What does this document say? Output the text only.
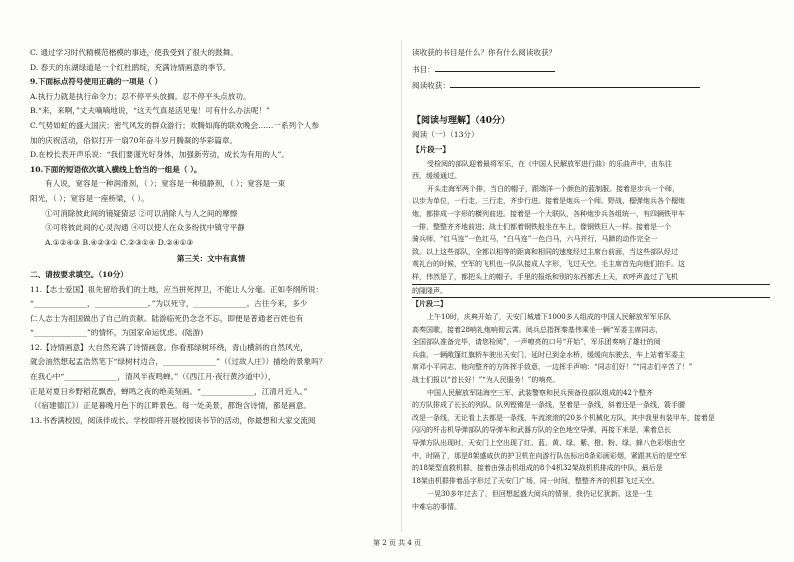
C. 通过学习时代精模范楷模的事迹，使我受到了很大的鼓舞。
D. 春天的东湖绿道是一个红杜鹃绽，充满诗情画意的季节。
9.下面标点符号使用正确的一项是（ ）
A.执行力就是执行命令力；忍不停平头放搁。忍不停平头点放功。
B.“来，来啊，”丈夫嘀嘀地说，“这天气真是活见鬼！可有什么办法呢！”
C.气势如虹的盛大国庆；密气风发的群众游行；欢腾如海的联欢晚会……一系列个人参
加的庆祝活动，俗似打开一扇70年奋斗岁月腾凝的华彩篇章。
D.在校长表开声乐说：“我们要谨光好身体，加强新劳动，成长为有用的人”。
10.下面的短语依次填入横线上恰当的一组是（ ）。
有人说，宽容是一种润滑剂，（ ）；宽容是一种镇静剂，（ ）；宽容是一束
阳光，（ ）；宽容是一座桥梁，（ ）。
①可消除彼此间的镜疑猜忌 ②可以消除人与人之间的摩擦
③可将彼此间的心灵沟通 ④可以使人在众多纷扰中镇守平静
A.①②④③ B.④②③① C.②③①④ D.②④①③
第三关：文中有真情
二、请按要求填空。（10分）
11.【志士爱国】祖先留给我们的土地，应当拼死捍卫，不能让人分毫。正如李纲所说：
“______________，______________。”为以死守，______________。古往今来，多少
仁人志士为祖国做出了自己的贡献。陆游临死仍念念不忘，即便是普通老百姓也有
“______________”的情怀，为国家命运忧虑。(陆游)
12.【诗情画意】大自然充满了诗情画意。你看那绿树环绕，青山横斜的自然风光，
就会油然想起孟浩然笔下“绿树村边合，______________”（《过故人庄》）描绘的景象吗？
在我心中“______________，清风半夜鸣蝉。”（《西江月·夜行黄沙道中》），
正是对夏日乡野稻花飘香，蝉鸣之夜的绝美刻画。“______________，江清月近人。”
（《宿建德江》）正是暮晚月色下的江畔景色。每一处美景，都饱含诗情，都是画意。
13.书香满校园，阅读伴成长。学校即将开展校园读书节的活动，你最想和大家交流阅
读收获的书目是什么？你有什么阅读收获？
书目：
阅读收获：
【阅读与理解】（40分）
阅读（一）（13分）
【片段一】
受检阅的部队迎着最将军乐，在《中国人民解放军进行曲》的乐曲声中，由东往
西，缓缓通过。
开头走海军两个排，当白的帽子，跟端洋一个颜色的蓝制服。接着是步兵一个师，
以步为单位，一行走，三行走，齐步行进。接着是炮兵一个师。野战、榴弹炮兵各个榴炮
炮，都排成一字形的横列前进。接着是一个大联队，各种炮步兵各组统一，有四辆铁甲车
一排，整整齐齐地前进；战士们都着钢铁般坐在车上，像钢铁巨人一样。接着是一个
骑兵师，“红马连”一色红马，“白马连”一色白马，六马并行，马蹄的动作完全一
致。以上这些部队，全都以相等的距离和相同的速度经过主席台前面，当这些部队经过
观礼台的时候，空军的飞机也一队队接成人字形，飞过天空。毛主席首先向他们拍手。这
样，伟然是了，都把头上的帽子、手里的报纸和别的东西都丢上天，欢呼声盖过了飞机
的隆隆声。
【片段二】
上午10时，庆典开始了，天安门城墙下1000多人组成的中国人民解放军军乐队
高奏国歌，接着28响礼炮响彻云霄。阅兵总指挥秦基伟乘坐一辆“军委主席同志，
全国部队准备完毕，请您检阅”，一声嘹亮的口号“开始”，军乐团奏响了雄壮的阅
兵曲，一辆敞篷红旗轿车驶出天安门，延时已到金水桥，缓缓向东驶去，车上站着军委主
席邓小平同志，他向整齐的方阵挥手致意，一边挥手声响：“同志们好！”“同志们辛苦了！”
战士们报以“首长好！”“为人民服务！”的响亮。
中国人民解放军陆海空三军、武装警察和民兵预备役部队组成的42个整齐
的方队排成了长长的列队。队列铿锵是一条线，坚着是一条线，斜着还是一条线，箭手腰
改是一条线，无论看上去都是一条线，车流滚滚的20多个机械化方队，其中我里有装甲车，接着是
闪闪的歼击机导弹部队的导弹车和武器方队的全色地空导弹，再接下来是，乘着总长
导弹方队出现时，天安门上空出现了红、蓝、黄、绿、紫、橙、粉、绿、蜂八色彩烟由空
中，时隔了，那是8架盛咸伏的护卫机在向游行队伍标出8条彩画彩烟，紧跟其后的是空军
的18架型直救机群，接着由强击机组成的8个4机32架战机机排成的中队，最后是
18架由机群排着品字形过了天安门广场，同一时间，整整齐齐的机群飞过天空。
一晃30多年过去了，但回想起盛大阅兵的情景，我仍记忆犹新。这是一生
中难忘的事情。
第 2 页 共 4 页
